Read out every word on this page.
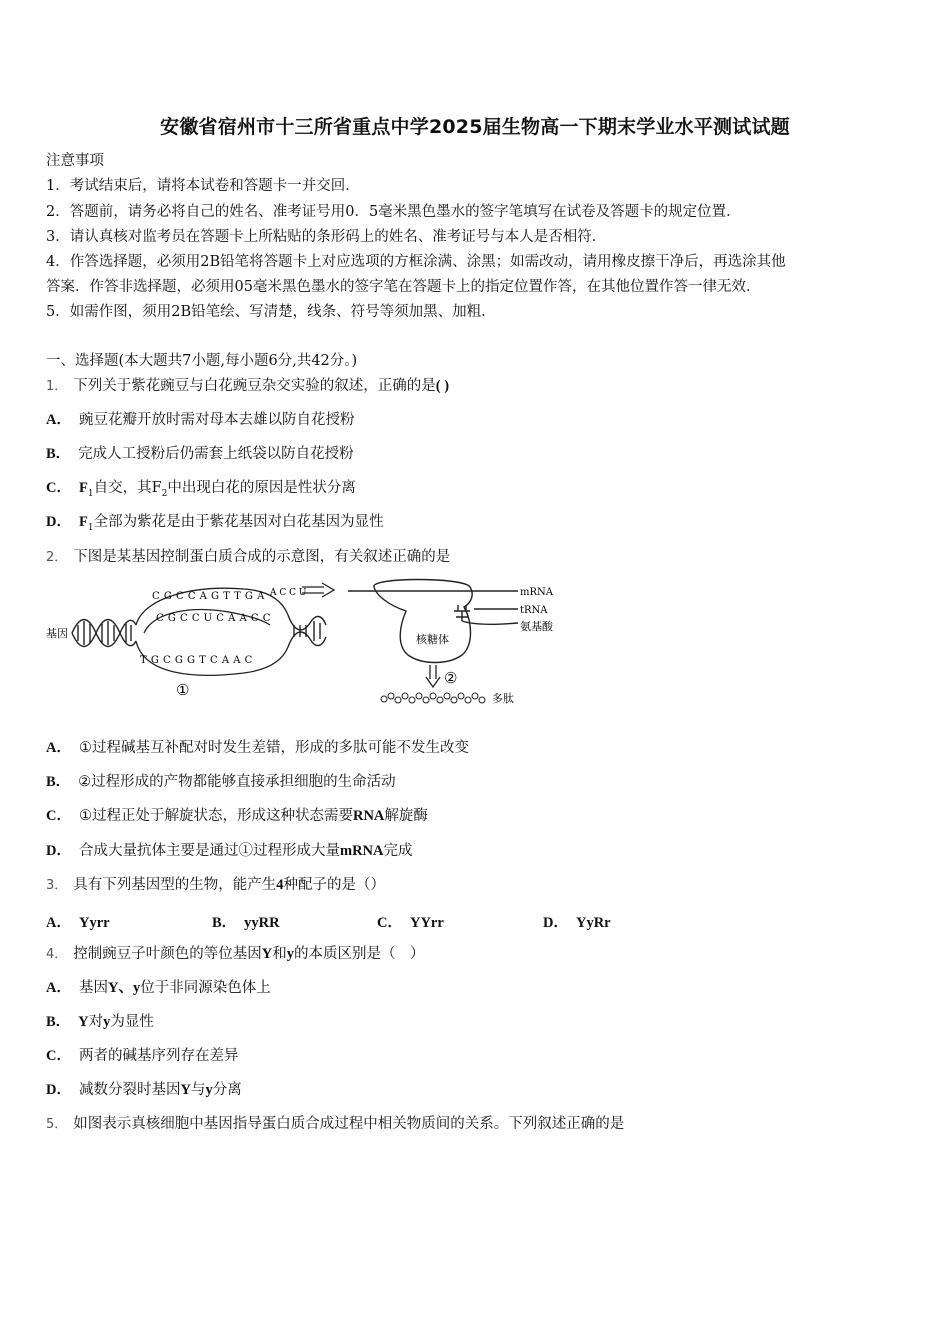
安徽省宿州市十三所省重点中学2025届生物高一下期末学业水平测试试题
注意事项
1．考试结束后，请将本试卷和答题卡一并交回．
2．答题前，请务必将自己的姓名、准考证号用0．5毫米黑色墨水的签字笔填写在试卷及答题卡的规定位置．
3．请认真核对监考员在答题卡上所粘贴的条形码上的姓名、准考证号与本人是否相符．
4．作答选择题，必须用2B铅笔将答题卡上对应选项的方框涂满、涂黑；如需改动，请用橡皮擦干净后，再选涂其他
答案．作答非选择题，必须用05毫米黑色墨水的签字笔在答题卡上的指定位置作答，在其他位置作答一律无效．
5．如需作图，须用2B铅笔绘、写清楚，线条、符号等须加黑、加粗．
一、选择题(本大题共7小题,每小题6分,共42分。)
1． 下列关于紫花豌豆与白花豌豆杂交实验的叙述，正确的是( )
A． 豌豆花瓣开放时需对母本去雄以防自花授粉
B． 完成人工授粉后仍需套上纸袋以防自花授粉
C． $F_1$自交，其$F_2$中出现白花的原因是性状分离
D． $F_1$全部为紫花是由于紫花基因对白花基因为显性
2． 下图是某基因控制蛋白质合成的示意图，有关叙述正确的是
基因
C G C C A G T T G A
C G C C U C A A C C
A C C U
T G C G G T C A A C
①
mRNA
tRNA
氨基酸
核糖体
②
多肽
A． ①过程碱基互补配对时发生差错，形成的多肽可能不发生改变
B． ②过程形成的产物都能够直接承担细胞的生命活动
C． ①过程正处于解旋状态，形成这种状态需要RNA解旋酶
D． 合成大量抗体主要是通过①过程形成大量mRNA完成
3． 具有下列基因型的生物，能产生4种配子的是（）
A． Yyrr	B． yyRR	C． YYrr	D． YyRr
4． 控制豌豆子叶颜色的等位基因Y和y的本质区别是（　）
A． 基因Y、y位于非同源染色体上
B． Y对y为显性
C． 两者的碱基序列存在差异
D． 减数分裂时基因Y与y分离
5． 如图表示真核细胞中基因指导蛋白质合成过程中相关物质间的关系。下列叙述正确的是
